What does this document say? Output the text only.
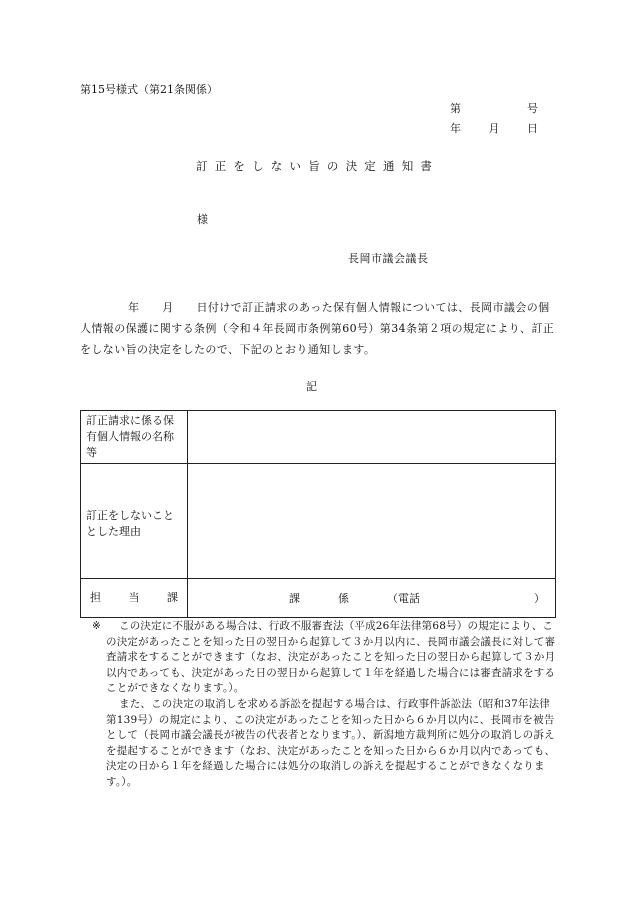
第15号様式（第21条関係）
第	号
年	月	日
訂正をしない旨の決定通知書
様
長岡市議会議長
年　　 月　　 日付けで訂正請求のあった保有個人情報については、長岡市議会の個人情報の保護に関する条例（令和４年長岡市条例第60号）第34条第２項の規定により、訂正をしない旨の決定をしたので、下記のとおり通知します。
記
訂正請求に係る保有個人情報の名称等	
訂正をしないこととした理由	

担 当 課	課 係 （電話 ）
※	この決定に不服がある場合は、行政不服審査法（平成26年法律第68号）の規定により、この決定があったことを知った日の翌日から起算して３か月以内に、長岡市議会議長に対して審査請求をすることができます（なお、決定があったことを知った日の翌日から起算して３か月以内であっても、決定があった日の翌日から起算して１年を経過した場合には審査請求をすることができなくなります。）。
また、この決定の取消しを求める訴訟を提起する場合は、行政事件訴訟法（昭和37年法律第139号）の規定により、この決定があったことを知った日から６か月以内に、長岡市を被告として（長岡市議会議長が被告の代表者となります。）、新潟地方裁判所に処分の取消しの訴えを提起することができます（なお、決定があったことを知った日から６か月以内であっても、決定の日から１年を経過した場合には処分の取消しの訴えを提起することができなくなります。）。
